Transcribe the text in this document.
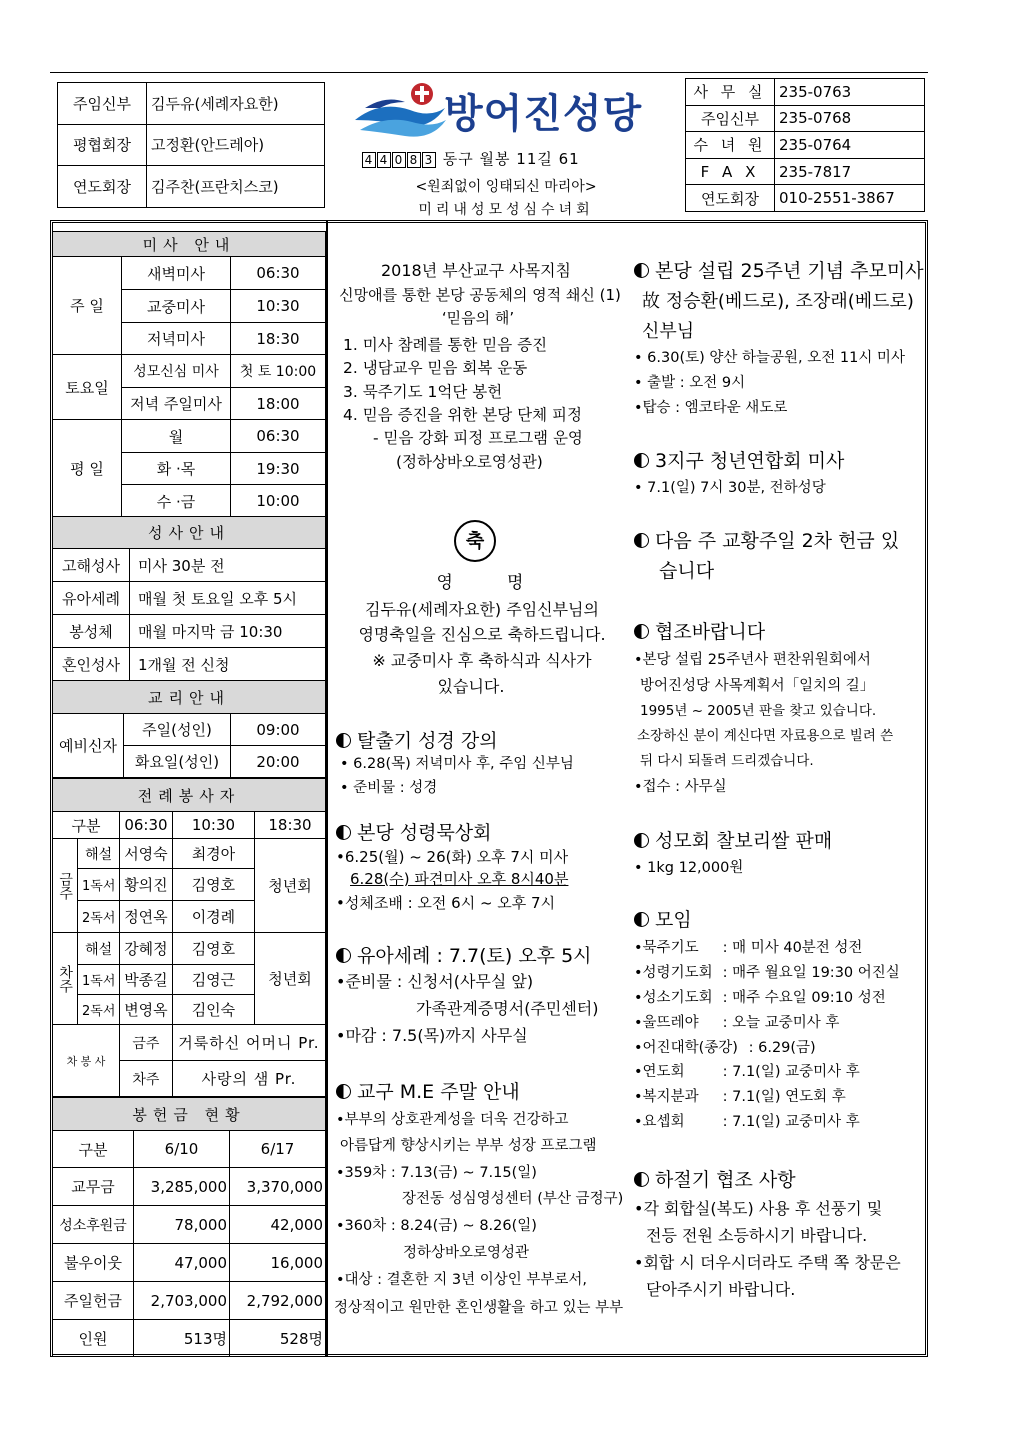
주임신부	김두유(세례자요한)
평협회장	고정환(안드레아)
연도회장	김주찬(프란치스코)
방어진성당
4 4 0 8 3 동구 월봉 11길 61
<원죄없이 잉태되신 마리아>
미리내성모성심수녀회
사 무 실	235-0763
주임신부	235-0768
수 녀 원	235-0764
F A X	235-7817
연도회장	010-2551-3867
미사 안내		
주 일	새벽미사	06:30
	교중미사	10:30
	저녁미사	18:30
토요일	성모신심 미사	첫 토 10:00
	저녁 주일미사	18:00
평 일	월	06:30
	화 ·목	19:30
	수 ·금	10:00
성사안내	
고해성사	미사 30분 전
유아세례	매월 첫 토요일 오후 5시
봉성체	매월 마지막 금 10:30
혼인성사	1개월 전 신청
교리안내		
예비신자	주일(성인)	09:00
	화요일(성인)	20:00
전례봉사자				
구분		06:30	10:30	18:30
금주	해설	서영숙	최경아	청년회
	1독서	황의진	김영호	
	2독서	정연옥	이경례	
차주	해설	강혜정	김영호	청년회
	1독서	박종길	김영근	
	2독서	변영옥	김인숙	
차 봉 사		금주	거룩하신 어머니 Pr.	
		차주	사랑의 샘 Pr.	
봉헌금 현황		
구분	6/10	6/17
교무금	3,285,000	3,370,000
성소후원금	78,000	42,000
불우이웃	47,000	16,000
주일헌금	2,703,000	2,792,000
인원	513명	528명
2018년 부산교구 사목지침
신망애를 통한 본당 공동체의 영적 쇄신 (1)
‘믿음의 해’
1. 미사 참례를 통한 믿음 증진
2. 냉담교우 믿음 회복 운동
3. 묵주기도 1억단 봉헌
4. 믿음 증진을 위한 본당 단체 피정
- 믿음 강화 피정 프로그램 운영
(정하상바오로영성관)
축
영          명
김두유(세례자요한) 주임신부님의
영명축일을 진심으로 축하드립니다.
※ 교중미사 후 축하식과 식사가
있습니다.
탈출기 성경 강의
• 6.28(목) 저녁미사 후, 주임 신부님
• 준비물 : 성경
본당 성령묵상회
•6.25(월) ~ 26(화) 오후 7시 미사
6.28(수) 파견미사 오후 8시40분
•성체조배 : 오전 6시 ~ 오후 7시
유아세례 : 7.7(토) 오후 5시
•준비물 : 신청서(사무실 앞)
가족관계증명서(주민센터)
•마감 : 7.5(목)까지 사무실
교구 M.E 주말 안내
•부부의 상호관계성을 더욱 건강하고
아름답게 향상시키는 부부 성장 프로그램
•359차 : 7.13(금) ~ 7.15(일)
장전동 성심영성센터 (부산 금정구)
•360차 : 8.24(금) ~ 8.26(일)
정하상바오로영성관
•대상 : 결혼한 지 3년 이상인 부부로서,
정상적이고 원만한 혼인생활을 하고 있는 부부
본당 설립 25주년 기념 추모미사
故 정승환(베드로), 조장래(베드로)
신부님
• 6.30(토) 양산 하늘공원, 오전 11시 미사
• 출발 : 오전 9시
•탑승 : 엠코타운 새도로
3지구 청년연합회 미사
• 7.1(일) 7시 30분, 전하성당
다음 주 교황주일 2차 헌금 있
습니다
협조바랍니다
•본당 설립 25주년사 편찬위원회에서
방어진성당 사목계획서「일치의 길」
1995년 ~ 2005년 판을 찾고 있습니다.
소장하신 분이 계신다면 자료용으로 빌려 쓴
뒤 다시 되돌려 드리겠습니다.
•접수 : 사무실
성모회 찰보리쌀 판매
• 1kg 12,000원
모임
•묵주기도 : 매 미사 40분전 성전
•성령기도회 : 매주 월요일 19:30 어진실
•성소기도회 : 매주 수요일 09:10 성전
•울뜨레야 : 오늘 교중미사 후
•어진대학(종강) : 6.29(금)
•연도회 : 7.1(일) 교중미사 후
•복지분과 : 7.1(일) 연도회 후
•요셉회 : 7.1(일) 교중미사 후
하절기 협조 사항
•각 회합실(복도) 사용 후 선풍기 및
전등 전원 소등하시기 바랍니다.
•회합 시 더우시더라도 주택 쪽 창문은
닫아주시기 바랍니다.
